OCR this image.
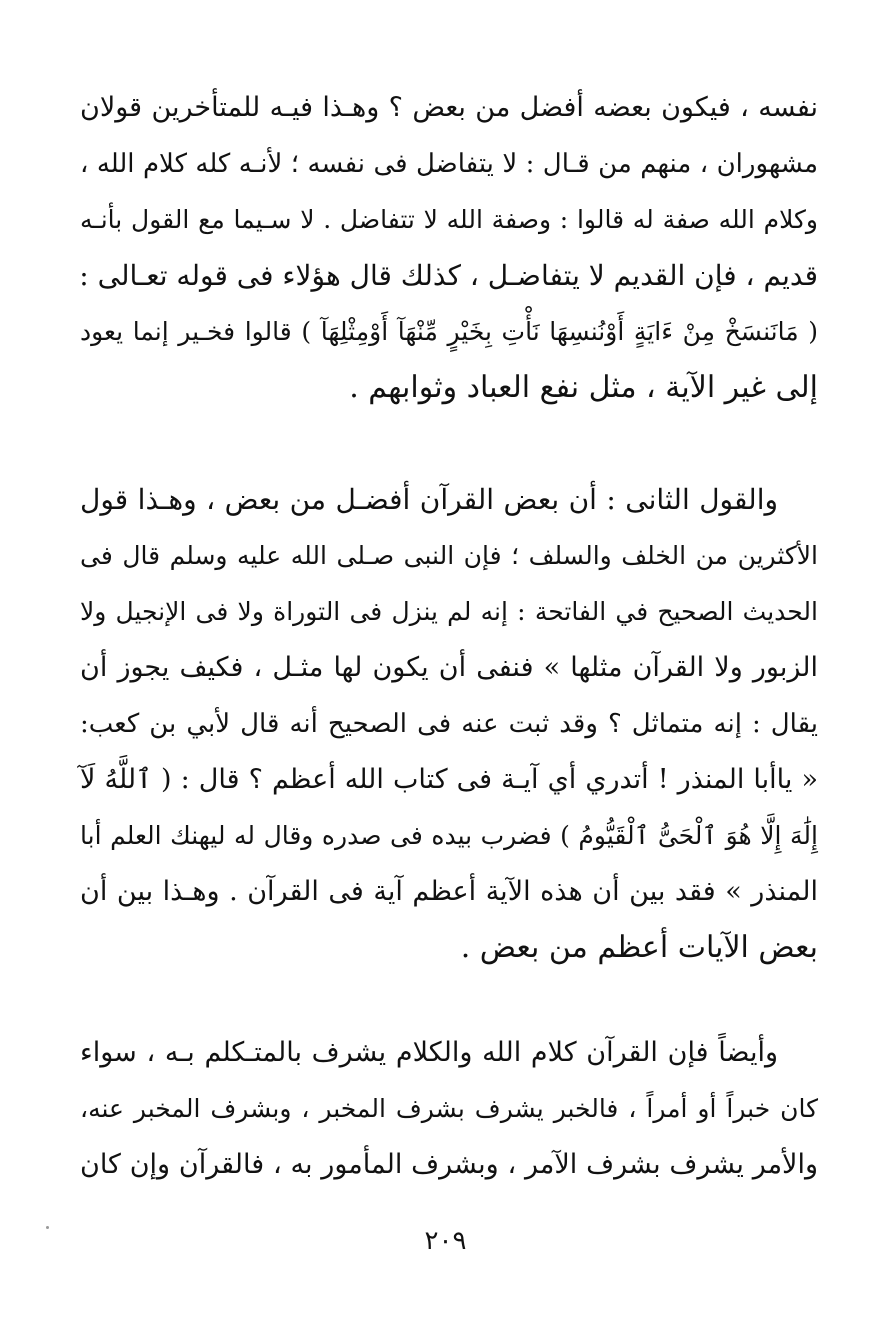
نفسه ، فيكون بعضه أفضل من بعض ؟ وهـذا فيـه للمتأخرين قولان
مشهوران ، منهم من قـال : لا يتفاضل فى نفسه ؛ لأنـه كله كلام الله ،
وكلام الله صفة له قالوا : وصفة الله لا تتفاضل . لا سـيما مع القول بأنـه
قديم ، فإن القديم لا يتفاضـل ، كذلك قال هؤلاء فى قوله تعـالى :
( مَانَنسَخْ مِنْ ءَايَةٍ أَوْنُنسِهَا نَأْتِ بِخَيْرٍ مِّنْهَآ أَوْمِثْلِهَآ ) قالوا فخـير إنما يعود
إلى غير الآية ، مثل نفع العباد وثوابهم .
والقول الثانى : أن بعض القرآن أفضـل من بعض ، وهـذا قول
الأكثرين من الخلف والسلف ؛ فإن النبى صـلى الله عليه وسلم قال فى
الحديث الصحيح في الفاتحة : إنه لم ينزل فى التوراة ولا فى الإنجيل ولا
الزبور ولا القرآن مثلها » فنفى أن يكون لها مثـل ، فكيف يجوز أن
يقال : إنه متماثل ؟ وقد ثبت عنه فى الصحيح أنه قال لأبي بن كعب:
« ياأبا المنذر ! أتدري أي آيـة فى كتاب الله أعظم ؟ قال : ( ٱللَّهُ لَآ
إِلَٰهَ إِلَّا هُوَ ٱلْحَىُّ ٱلْقَيُّومُ ) فضرب بيده فى صدره وقال له ليهنك العلم أبا
المنذر » فقد بين أن هذه الآية أعظم آية فى القرآن . وهـذا بين أن
بعض الآيات أعظم من بعض .
وأيضاً فإن القرآن كلام الله والكلام يشرف بالمتـكلم بـه ، سواء
كان خبراً أو أمراً ، فالخبر يشرف بشرف المخبر ، وبشرف المخبر عنه،
والأمر يشرف بشرف الآمر ، وبشرف المأمور به ، فالقرآن وإن كان
٢٠٩
